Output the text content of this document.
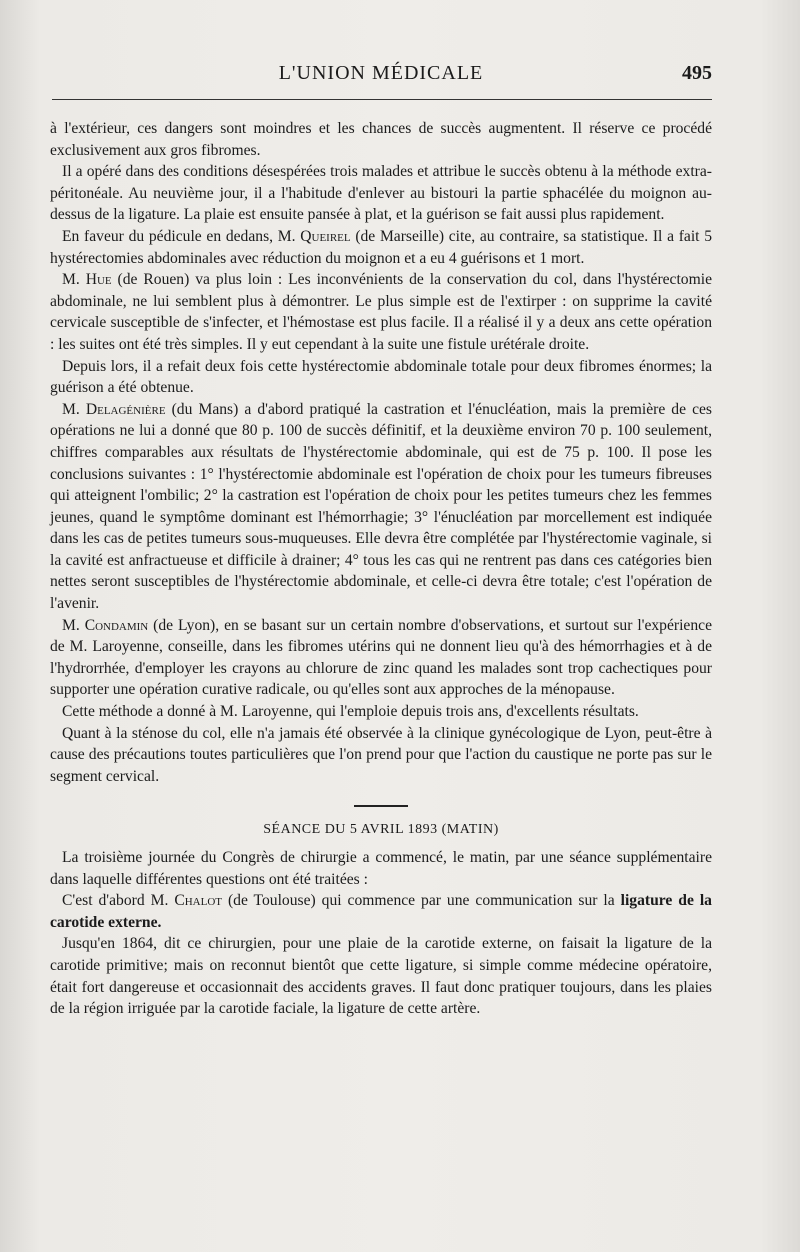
L'UNION MÉDICALE	495

à l'extérieur, ces dangers sont moindres et les chances de succès augmentent. Il réserve ce procédé exclusivement aux gros fibromes.

Il a opéré dans des conditions désespérées trois malades et attribue le succès obtenu à la méthode extra-péritonéale. Au neuvième jour, il a l'habitude d'enlever au bistouri la partie sphacélée du moignon au-dessus de la ligature. La plaie est ensuite pansée à plat, et la guérison se fait aussi plus rapidement.

En faveur du pédicule en dedans, M. Queirel (de Marseille) cite, au contraire, sa statistique. Il a fait 5 hystérectomies abdominales avec réduction du moignon et a eu 4 guérisons et 1 mort.

M. Hue (de Rouen) va plus loin : Les inconvénients de la conservation du col, dans l'hystérectomie abdominale, ne lui semblent plus à démontrer. Le plus simple est de l'extirper : on supprime la cavité cervicale susceptible de s'infecter, et l'hémostase est plus facile. Il a réalisé il y a deux ans cette opération : les suites ont été très simples. Il y eut cependant à la suite une fistule urétérale droite.

Depuis lors, il a refait deux fois cette hystérectomie abdominale totale pour deux fibromes énormes; la guérison a été obtenue.

M. Delagénière (du Mans) a d'abord pratiqué la castration et l'énucléation, mais la première de ces opérations ne lui a donné que 80 p. 100 de succès définitif, et la deuxième environ 70 p. 100 seulement, chiffres comparables aux résultats de l'hystérectomie abdominale, qui est de 75 p. 100. Il pose les conclusions suivantes : 1° l'hystérectomie abdominale est l'opération de choix pour les tumeurs fibreuses qui atteignent l'ombilic; 2° la castration est l'opération de choix pour les petites tumeurs chez les femmes jeunes, quand le symptôme dominant est l'hémorrhagie; 3° l'énucléation par morcellement est indiquée dans les cas de petites tumeurs sous-muqueuses. Elle devra être complétée par l'hystérectomie vaginale, si la cavité est anfractueuse et difficile à drainer; 4° tous les cas qui ne rentrent pas dans ces catégories bien nettes seront susceptibles de l'hystérectomie abdominale, et celle-ci devra être totale; c'est l'opération de l'avenir.

M. Condamin (de Lyon), en se basant sur un certain nombre d'observations, et surtout sur l'expérience de M. Laroyenne, conseille, dans les fibromes utérins qui ne donnent lieu qu'à des hémorrhagies et à de l'hydrorrhée, d'employer les crayons au chlorure de zinc quand les malades sont trop cachectiques pour supporter une opération curative radicale, ou qu'elles sont aux approches de la ménopause.

Cette méthode a donné à M. Laroyenne, qui l'emploie depuis trois ans, d'excellents résultats.

Quant à la sténose du col, elle n'a jamais été observée à la clinique gynécologique de Lyon, peut-être à cause des précautions toutes particulières que l'on prend pour que l'action du caustique ne porte pas sur le segment cervical.

SÉANCE DU 5 AVRIL 1893 (MATIN)

La troisième journée du Congrès de chirurgie a commencé, le matin, par une séance supplémentaire dans laquelle différentes questions ont été traitées :

C'est d'abord M. Chalot (de Toulouse) qui commence par une communication sur la ligature de la carotide externe.

Jusqu'en 1864, dit ce chirurgien, pour une plaie de la carotide externe, on faisait la ligature de la carotide primitive; mais on reconnut bientôt que cette ligature, si simple comme médecine opératoire, était fort dangereuse et occasionnait des accidents graves. Il faut donc pratiquer toujours, dans les plaies de la région irriguée par la carotide faciale, la ligature de cette artère.
